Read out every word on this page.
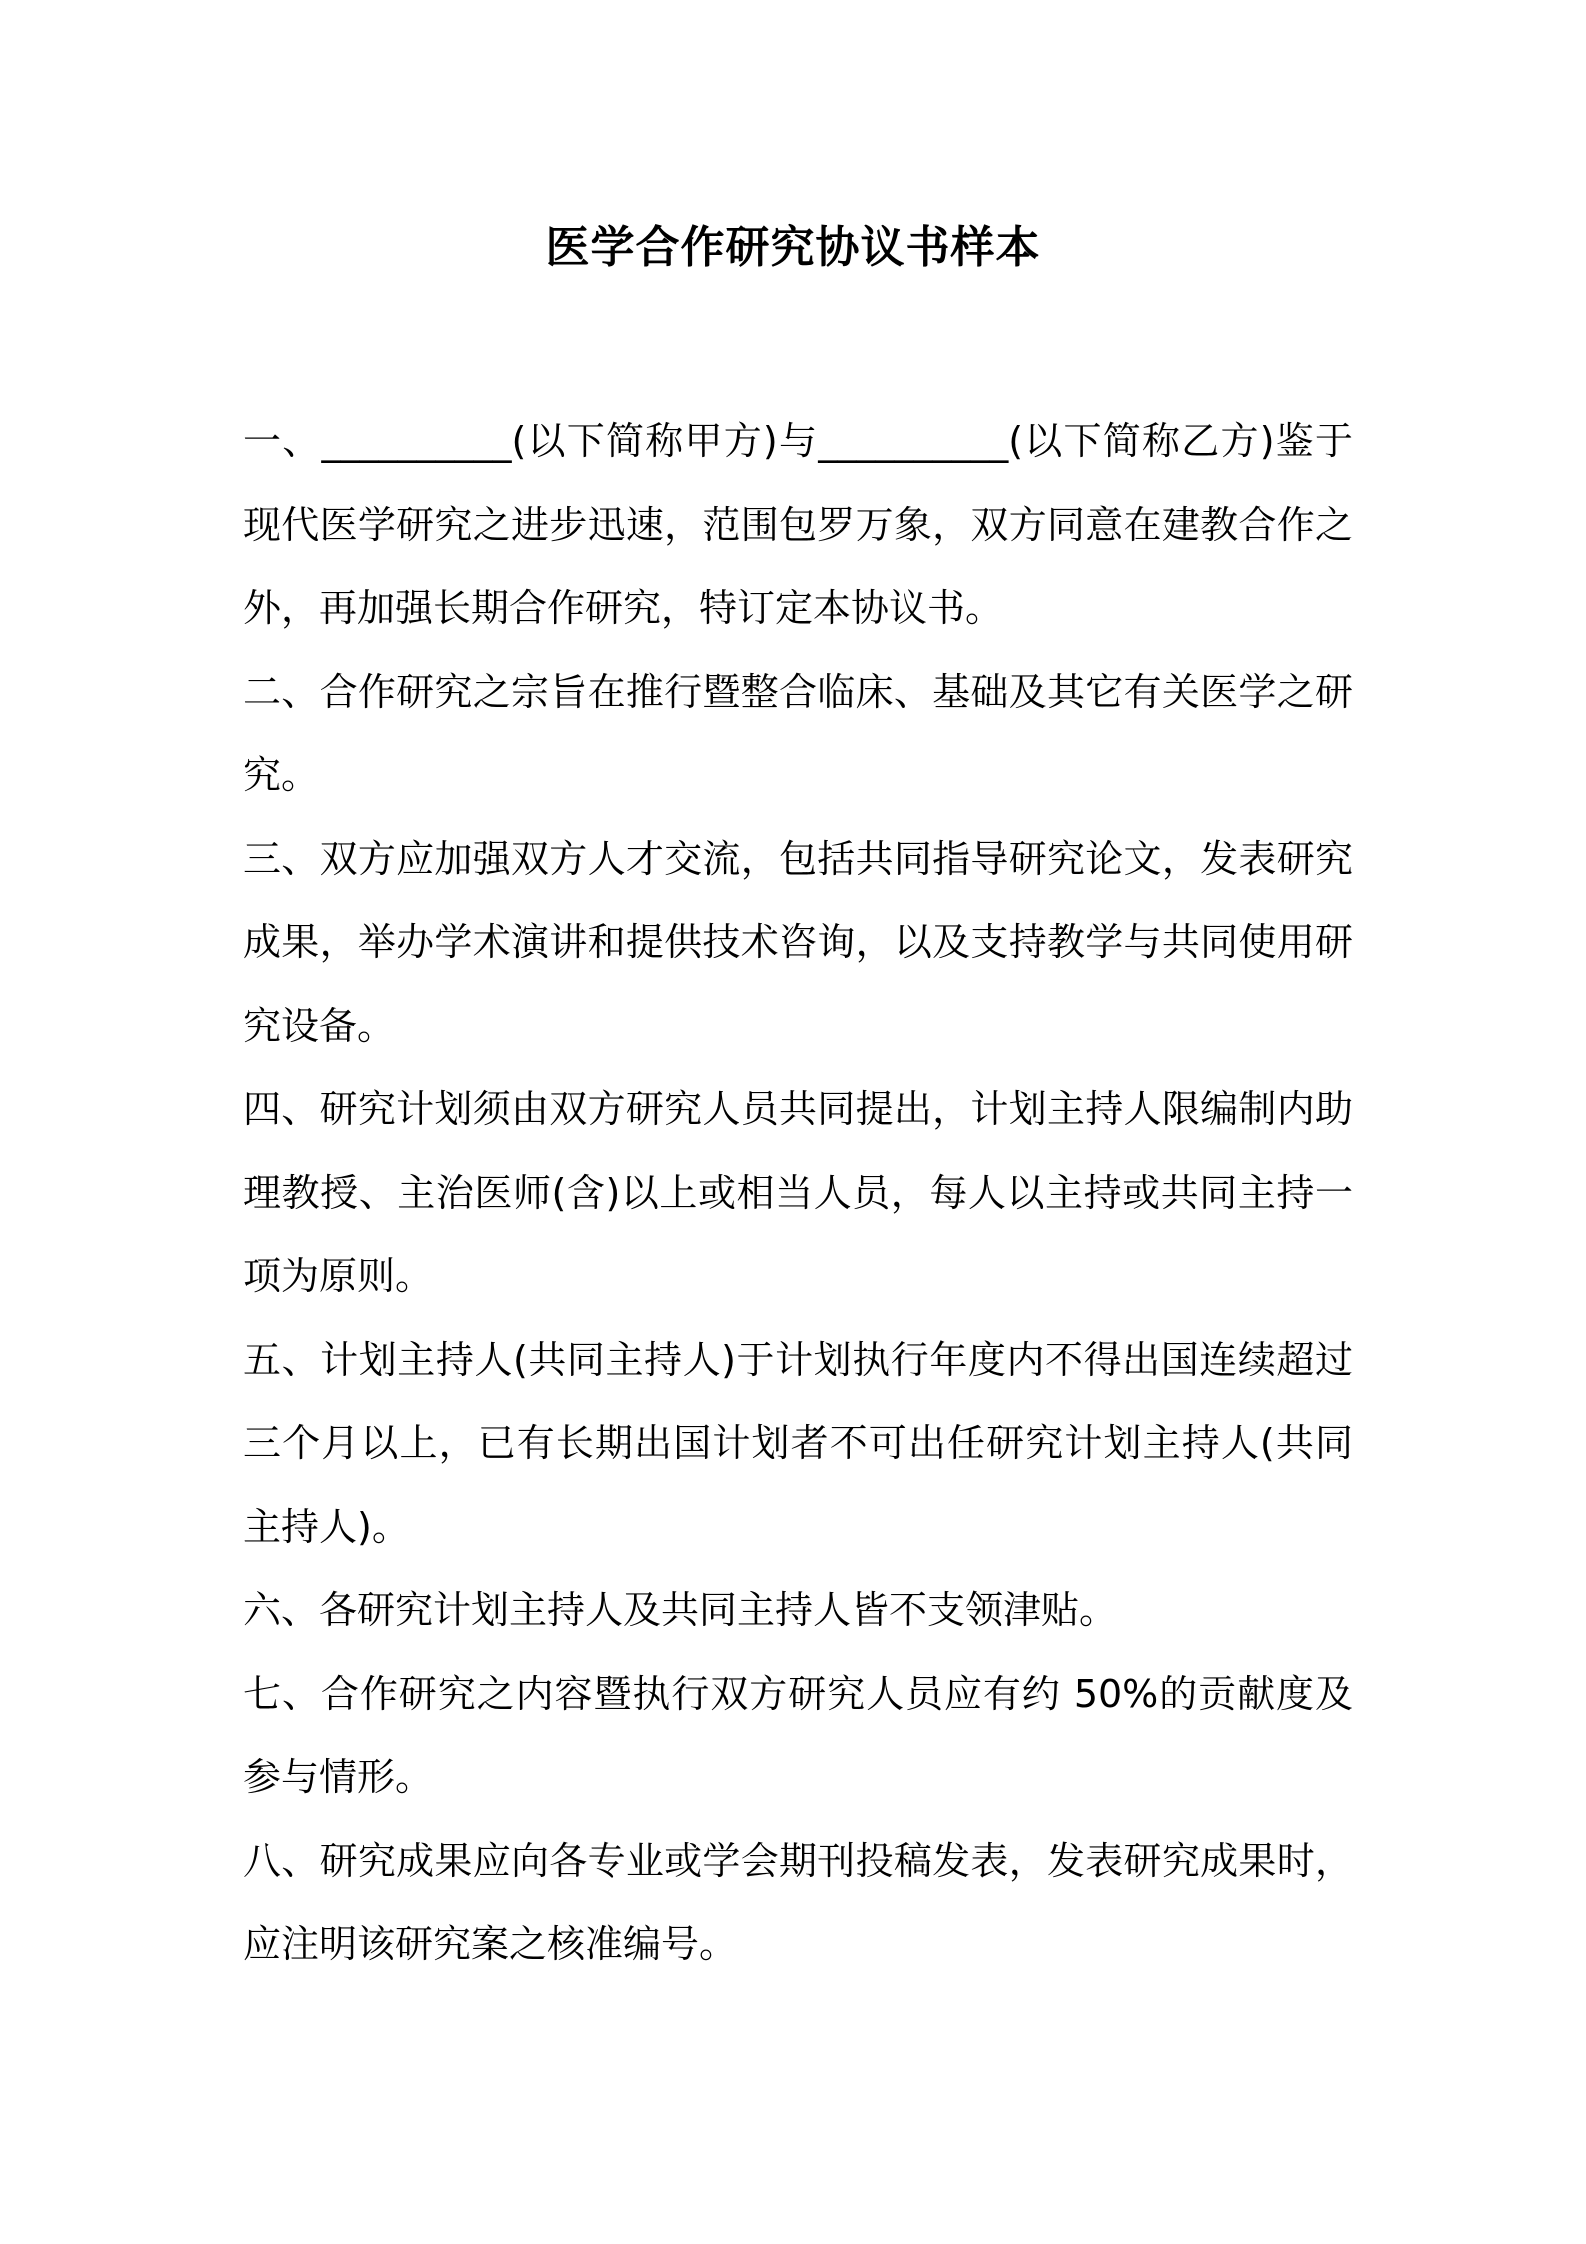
医学合作研究协议书样本

一、__________(以下简称甲方)与__________(以下简称乙方)鉴于现代医学研究之进步迅速，范围包罗万象，双方同意在建教合作之外，再加强长期合作研究，特订定本协议书。

二、合作研究之宗旨在推行暨整合临床、基础及其它有关医学之研究。

三、双方应加强双方人才交流，包括共同指导研究论文，发表研究成果，举办学术演讲和提供技术咨询，以及支持教学与共同使用研究设备。

四、研究计划须由双方研究人员共同提出，计划主持人限编制内助理教授、主治医师(含)以上或相当人员，每人以主持或共同主持一项为原则。

五、计划主持人(共同主持人)于计划执行年度内不得出国连续超过三个月以上，已有长期出国计划者不可出任研究计划主持人(共同主持人)。

六、各研究计划主持人及共同主持人皆不支领津贴。

七、合作研究之内容暨执行双方研究人员应有约 50%的贡献度及参与情形。

八、研究成果应向各专业或学会期刊投稿发表，发表研究成果时，应注明该研究案之核准编号。
